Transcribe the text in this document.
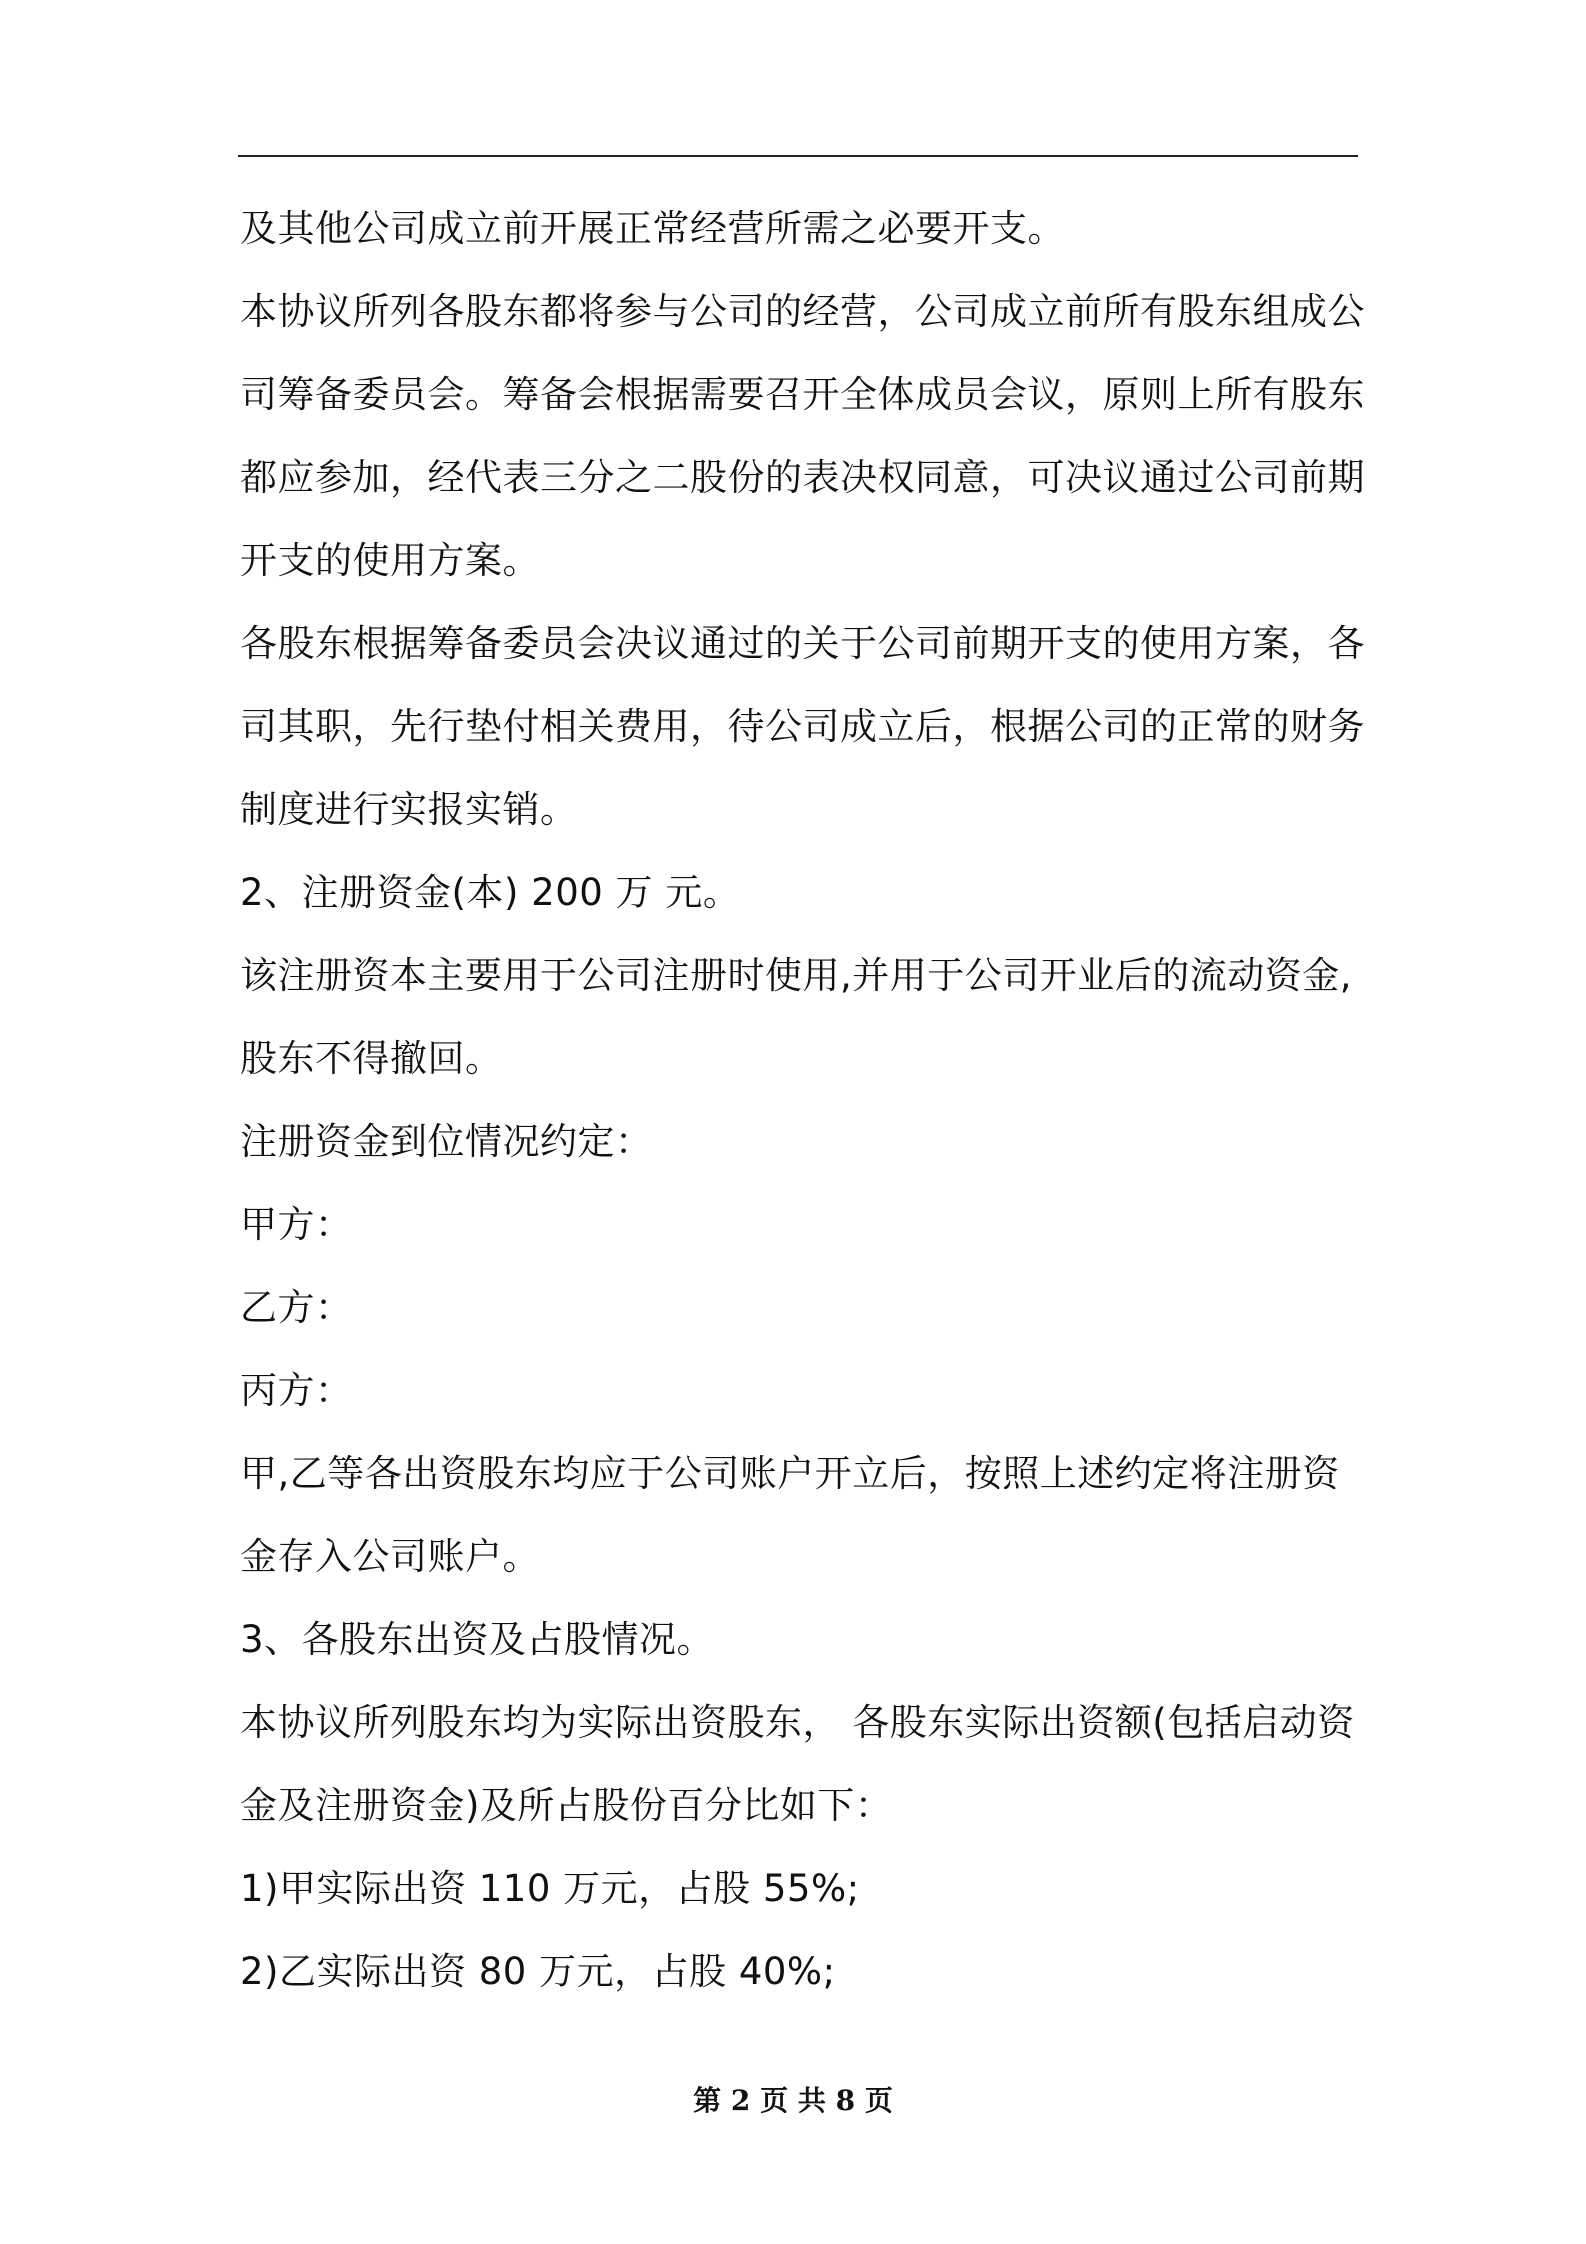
及其他公司成立前开展正常经营所需之必要开支。
本协议所列各股东都将参与公司的经营，公司成立前所有股东组成公
司筹备委员会。筹备会根据需要召开全体成员会议，原则上所有股东
都应参加，经代表三分之二股份的表决权同意，可决议通过公司前期
开支的使用方案。
各股东根据筹备委员会决议通过的关于公司前期开支的使用方案，各
司其职，先行垫付相关费用，待公司成立后，根据公司的正常的财务
制度进行实报实销。
2、注册资金(本) 200 万 元。
该注册资本主要用于公司注册时使用,并用于公司开业后的流动资金,
股东不得撤回。
注册资金到位情况约定：
甲方：
乙方：
丙方：
甲,乙等各出资股东均应于公司账户开立后，按照上述约定将注册资
金存入公司账户。
3、各股东出资及占股情况。
本协议所列股东均为实际出资股东， 各股东实际出资额(包括启动资
金及注册资金)及所占股份百分比如下：
1)甲实际出资 110 万元，占股 55%;
2)乙实际出资 80 万元，占股 40%;
第 2 页 共 8 页
